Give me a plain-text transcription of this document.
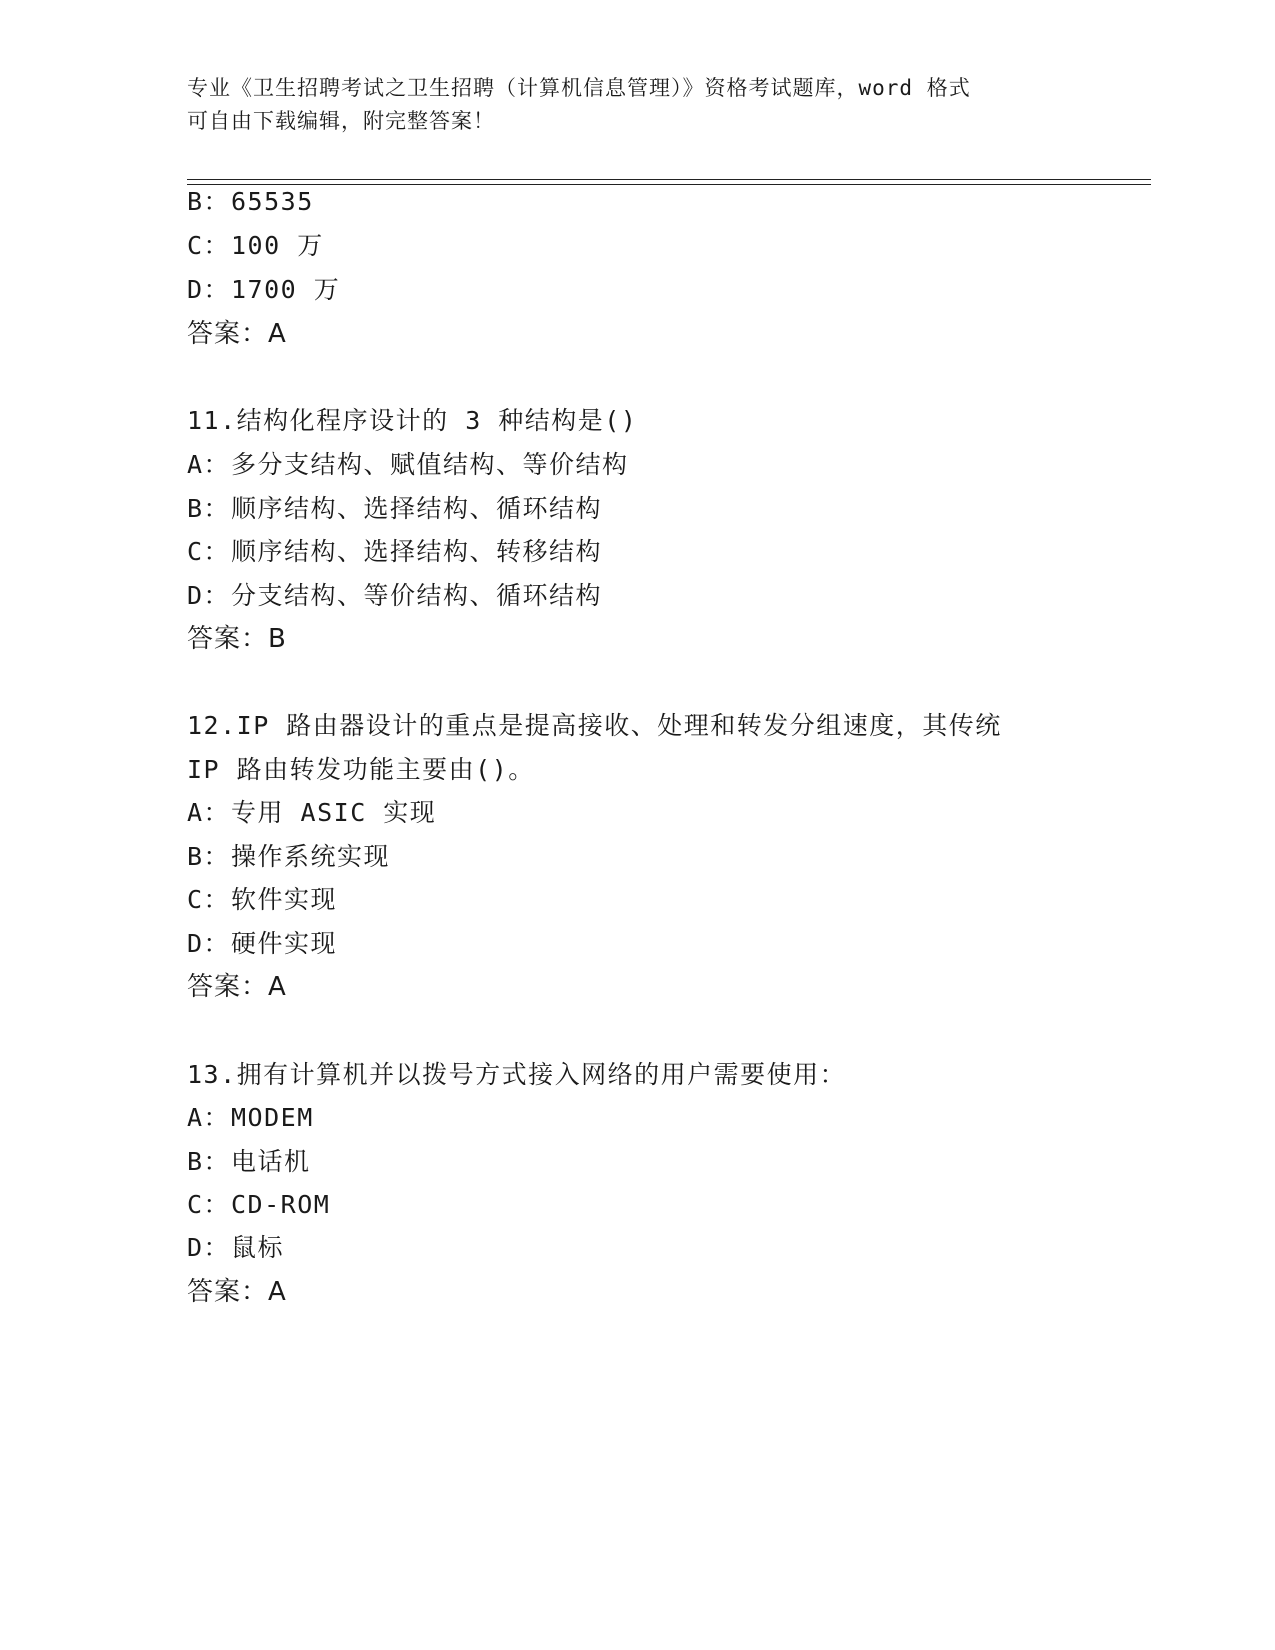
专业《卫生招聘考试之卫生招聘（计算机信息管理）》资格考试题库，word 格式
可自由下载编辑，附完整答案！
B：65535
C：100 万
D：1700 万
答案：A
11.结构化程序设计的 3 种结构是()
A：多分支结构、赋值结构、等价结构
B：顺序结构、选择结构、循环结构
C：顺序结构、选择结构、转移结构
D：分支结构、等价结构、循环结构
答案：B
12.IP 路由器设计的重点是提高接收、处理和转发分组速度，其传统
IP 路由转发功能主要由()。
A：专用 ASIC 实现
B：操作系统实现
C：软件实现
D：硬件实现
答案：A
13.拥有计算机并以拨号方式接入网络的用户需要使用：
A：MODEM
B：电话机
C：CD-ROM
D：鼠标
答案：A
